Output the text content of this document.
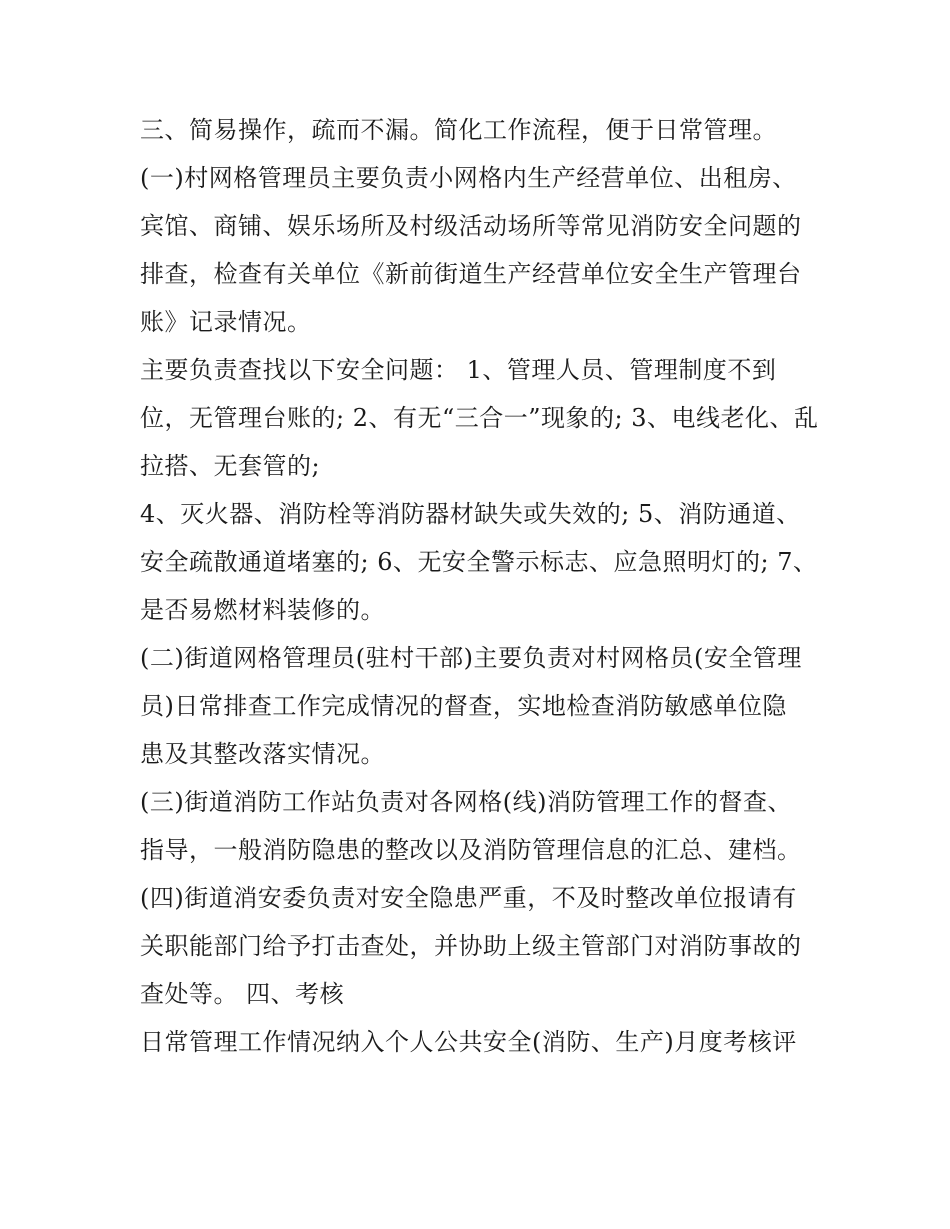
三、简易操作，疏而不漏。简化工作流程，便于日常管理。
(一)村网格管理员主要负责小网格内生产经营单位、出租房、
宾馆、商铺、娱乐场所及村级活动场所等常见消防安全问题的
排查，检查有关单位《新前街道生产经营单位安全生产管理台
账》记录情况。
主要负责查找以下安全问题： 1、管理人员、管理制度不到
位，无管理台账的; 2、有无“三合一”现象的; 3、电线老化、乱
拉搭、无套管的;
4、灭火器、消防栓等消防器材缺失或失效的; 5、消防通道、
安全疏散通道堵塞的; 6、无安全警示标志、应急照明灯的; 7、
是否易燃材料装修的。
(二)街道网格管理员(驻村干部)主要负责对村网格员(安全管理
员)日常排查工作完成情况的督查，实地检查消防敏感单位隐
患及其整改落实情况。
(三)街道消防工作站负责对各网格(线)消防管理工作的督查、
指导，一般消防隐患的整改以及消防管理信息的汇总、建档。
(四)街道消安委负责对安全隐患严重，不及时整改单位报请有
关职能部门给予打击查处，并协助上级主管部门对消防事故的
查处等。 四、考核
日常管理工作情况纳入个人公共安全(消防、生产)月度考核评
